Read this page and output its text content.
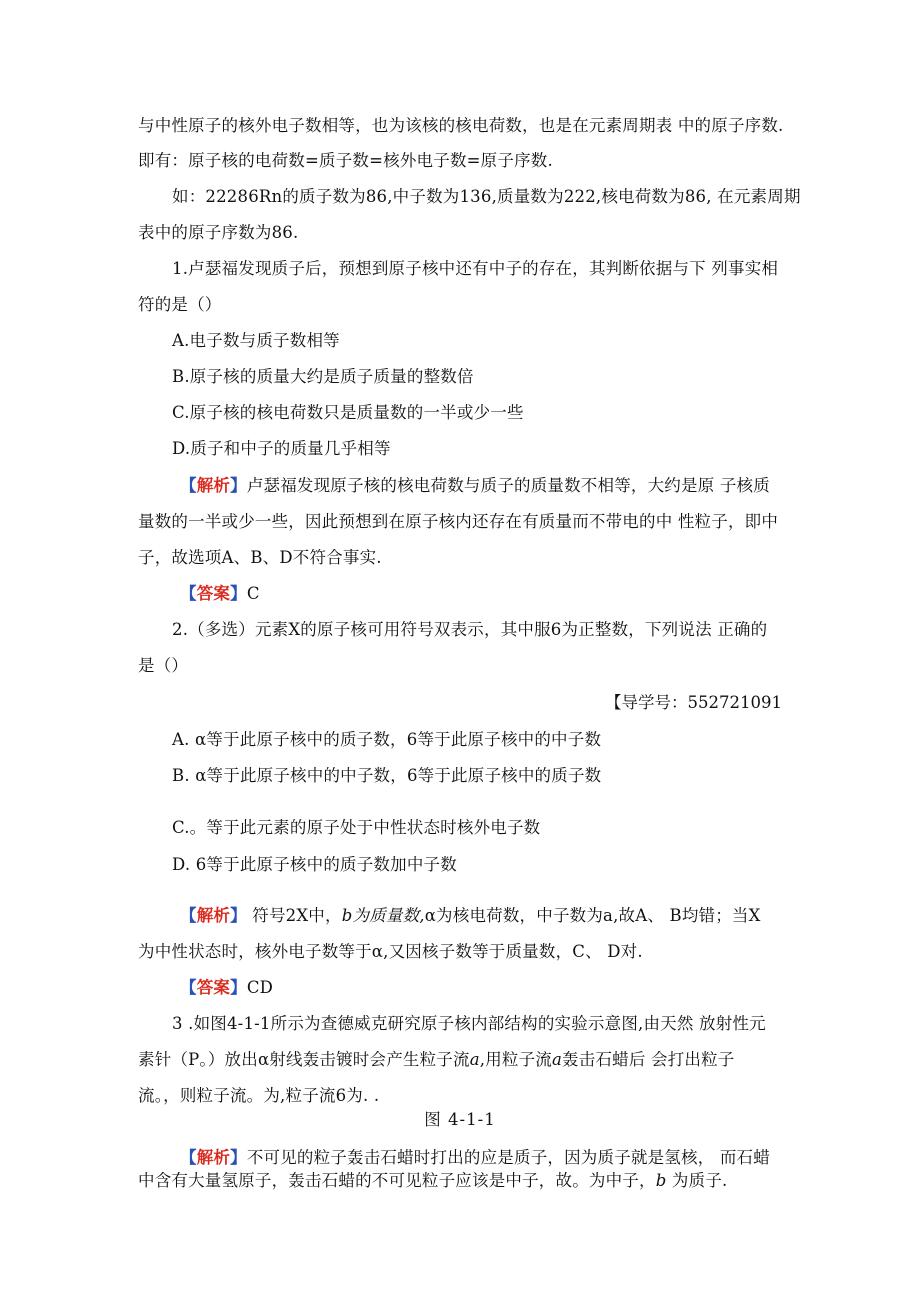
与中性原子的核外电子数相等，也为该核的核电荷数，也是在元素周期表 中的原子序数.
即有：原子核的电荷数=质子数=核外电子数=原子序数.
如：22286Rn的质子数为86,中子数为136,质量数为222,核电荷数为86, 在元素周期
表中的原子序数为86.
1.卢瑟福发现质子后，预想到原子核中还有中子的存在，其判断依据与下 列事实相
符的是（）
A.电子数与质子数相等
B.原子核的质量大约是质子质量的整数倍
C.原子核的核电荷数只是质量数的一半或少一些
D.质子和中子的质量几乎相等
【解析】卢瑟福发现原子核的核电荷数与质子的质量数不相等，大约是原 子核质
量数的一半或少一些，因此预想到在原子核内还存在有质量而不带电的中 性粒子，即中
子，故选项A、B、D不符合事实.
【答案】C
2.（多选）元素X的原子核可用符号双表示，其中服6为正整数，下列说法 正确的
是（）
【导学号：552721091
A. α等于此原子核中的质子数，6等于此原子核中的中子数
B. α等于此原子核中的中子数，6等于此原子核中的质子数
C.。等于此元素的原子处于中性状态时核外电子数
D. 6等于此原子核中的质子数加中子数
【解析】 符号2X中，b为质量数,α为核电荷数，中子数为a,故A、 B均错；当X
为中性状态时，核外电子数等于α,又因核子数等于质量数，C、 D对.
【答案】CD
3 .如图4-1-1所示为查德威克研究原子核内部结构的实验示意图,由天然 放射性元
素针（P。）放出α射线轰击镀时会产生粒子流a,用粒子流a轰击石蜡后 会打出粒子
流。，则粒子流。为,粒子流6为. .
图 4-1-1
【解析】不可见的粒子轰击石蜡时打出的应是质子，因为质子就是氢核， 而石蜡
中含有大量氢原子，轰击石蜡的不可见粒子应该是中子，故。为中子，b 为质子.
